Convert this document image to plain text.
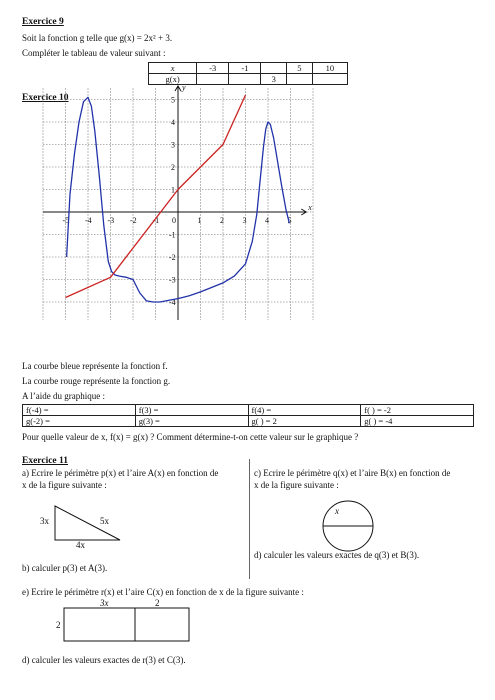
Exercice 9
Soit la fonction g telle que g(x) = 2x² + 3.
Compléter le tableau de valeur suivant :
x	-3	-1		5	10
g(x)			3		
Exercice 10
-5 -4 -3 -2 -1 0	1 2 3 4 5
5
4
3
2
1
-1
-2
-3
-4
x
y
La courbe bleue représente la fonction f.
La courbe rouge représente la fonction g.
A l’aide du graphique :
f(-4) =	f(3) =	f(4) =	f( ) = -2
g(-2) =	g(3) =	g( ) = 2	g( ) = -4
Pour quelle valeur de x, f(x) = g(x) ? Comment détermine-t-on cette valeur sur le graphique ?
Exercice 11
a) Ecrire le périmètre p(x) et l’aire A(x) en fonction de
x de la figure suivante :
3x	5x
4x
b) calculer p(3) et A(3).
c) Ecrire le périmètre q(x) et l’aire B(x) en fonction de
x de la figure suivante :
x
d) calculer les valeurs exactes de q(3) et B(3).
e) Ecrire le périmètre r(x) et l’aire C(x) en fonction de x de la figure suivante :
3x	2
2
d) calculer les valeurs exactes de r(3) et C(3).
